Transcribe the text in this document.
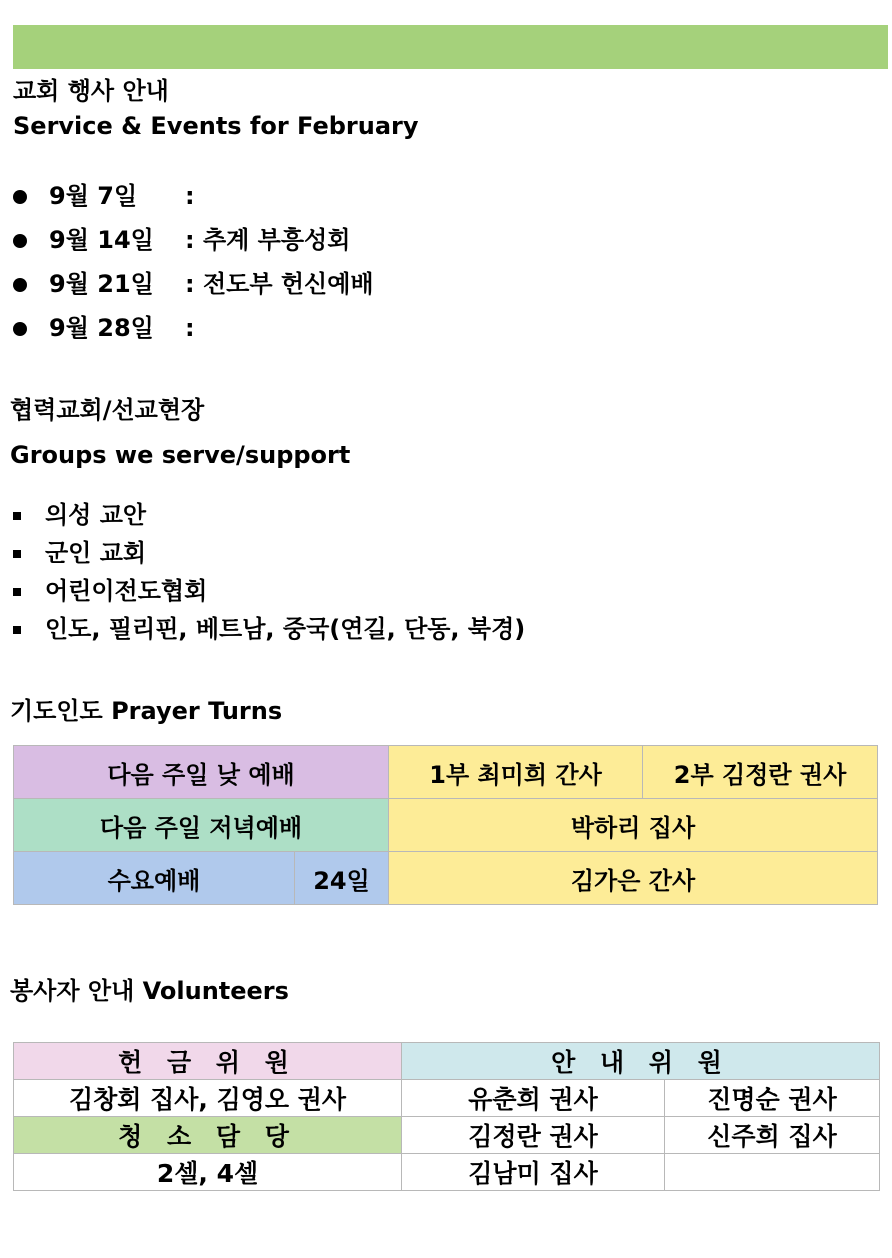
교회 행사 안내
Service & Events for February
9월 7일 :
9월 14일 : 추계 부흥성회
9월 21일 : 전도부 헌신예배
9월 28일 :
협력교회/선교현장
Groups we serve/support
의성 교안
군인 교회
어린이전도협회
인도, 필리핀, 베트남, 중국(연길, 단동, 북경)
기도인도 Prayer Turns
다음 주일 낮 예배		1부 최미희 간사	2부 김정란 권사
다음 주일 저녁예배		박하리 집사	
수요예배	24일	김가은 간사	
봉사자 안내 Volunteers
헌 금 위 원	안 내 위 원	
김창회 집사, 김영오 권사	유춘희 권사	진명순 권사
청 소 담 당	김정란 권사	신주희 집사
2셀, 4셀	김남미 집사	
